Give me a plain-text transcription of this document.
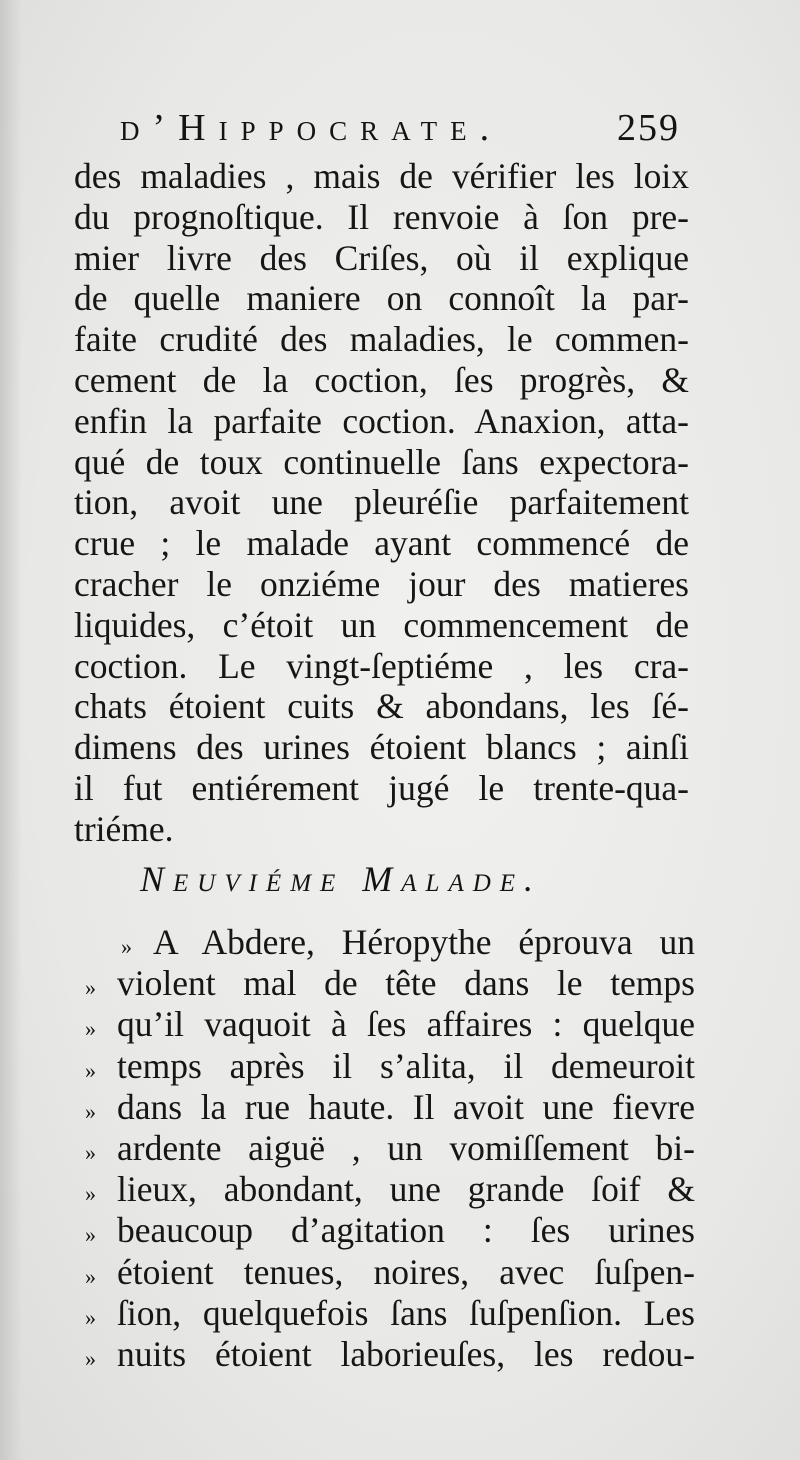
d’Hippocrate.	259
des maladies , mais de vérifier les loix
du prognoſtique. Il renvoie à ſon pre-
mier livre des Criſes, où il explique
de quelle maniere on connoît la par-
faite crudité des maladies, le commen-
cement de la coction, ſes progrès, &
enfin la parfaite coction. Anaxion, atta-
qué de toux continuelle ſans expectora-
tion, avoit une pleuréſie parfaitement
crue ; le malade ayant commencé de
cracher le onziéme jour des matieres
liquides, c’étoit un commencement de
coction. Le vingt-ſeptiéme , les cra-
chats étoient cuits & abondans, les ſé-
dimens des urines étoient blancs ; ainſi
il fut entiérement jugé le trente-qua-
triéme.
Neuviéme Malade.
» A Abdere, Héropythe éprouva un
» violent mal de tête dans le temps
» qu’il vaquoit à ſes affaires : quelque
» temps après il s’alita, il demeuroit
» dans la rue haute. Il avoit une fievre
» ardente aiguë , un vomiſſement bi-
» lieux, abondant, une grande ſoif &
» beaucoup d’agitation : ſes urines
» étoient tenues, noires, avec ſuſpen-
» ſion, quelquefois ſans ſuſpenſion. Les
» nuits étoient laborieuſes, les redou-
